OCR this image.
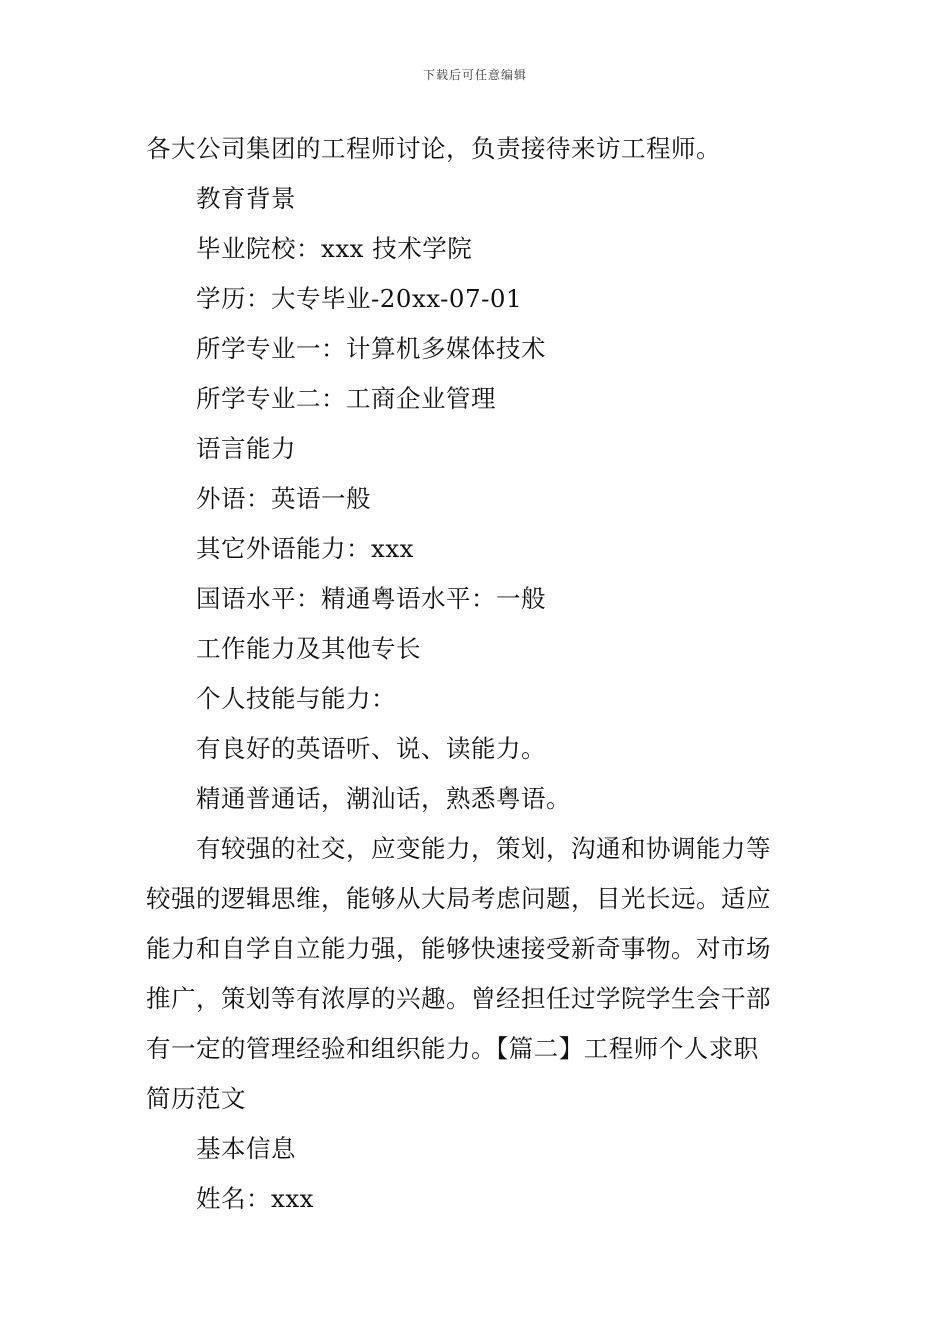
下载后可任意编辑
各大公司集团的工程师讨论，负责接待来访工程师。
教育背景
毕业院校：xxx 技术学院
学历：大专毕业-20xx-07-01
所学专业一：计算机多媒体技术
所学专业二：工商企业管理
语言能力
外语：英语一般
其它外语能力：xxx
国语水平：精通粤语水平：一般
工作能力及其他专长
个人技能与能力：
有良好的英语听、说、读能力。
精通普通话，潮汕话，熟悉粤语。
有较强的社交，应变能力，策划，沟通和协调能力等
较强的逻辑思维，能够从大局考虑问题，目光长远。适应
能力和自学自立能力强，能够快速接受新奇事物。对市场
推广，策划等有浓厚的兴趣。曾经担任过学院学生会干部
有一定的管理经验和组织能力。【篇二】工程师个人求职
简历范文
基本信息
姓名：xxx
